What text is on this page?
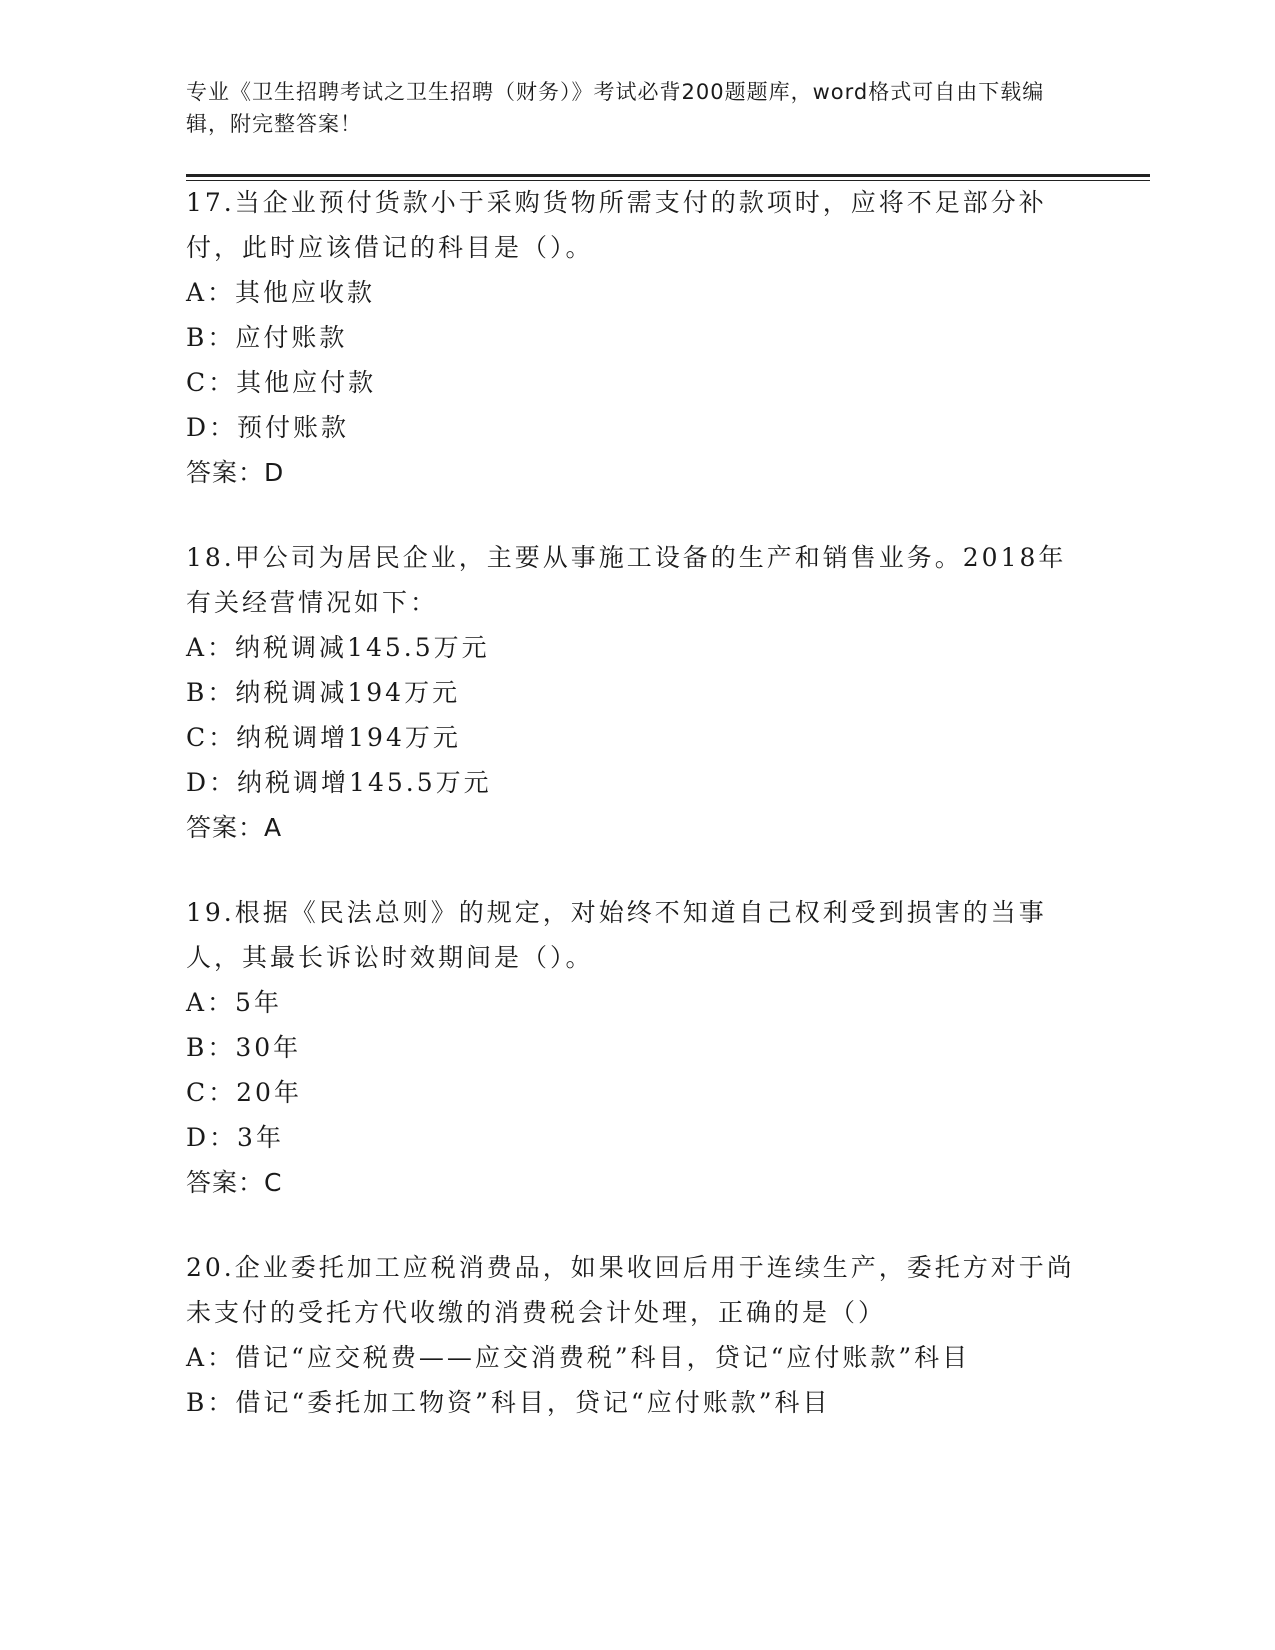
专业《卫生招聘考试之卫生招聘（财务）》考试必背200题题库，word格式可自由下载编辑，附完整答案！

17.当企业预付货款小于采购货物所需支付的款项时，应将不足部分补付，此时应该借记的科目是（）。

A：其他应收款

B：应付账款

C：其他应付款

D：预付账款

答案：D

18.甲公司为居民企业，主要从事施工设备的生产和销售业务。2018年有关经营情况如下：

A：纳税调减145.5万元

B：纳税调减194万元

C：纳税调增194万元

D：纳税调增145.5万元

答案：A

19.根据《民法总则》的规定，对始终不知道自己权利受到损害的当事人，其最长诉讼时效期间是（）。

A：5年

B：30年

C：20年

D：3年

答案：C

20.企业委托加工应税消费品，如果收回后用于连续生产，委托方对于尚未支付的受托方代收缴的消费税会计处理，正确的是（）

A：借记“应交税费——应交消费税”科目，贷记“应付账款”科目

B：借记“委托加工物资”科目，贷记“应付账款”科目
